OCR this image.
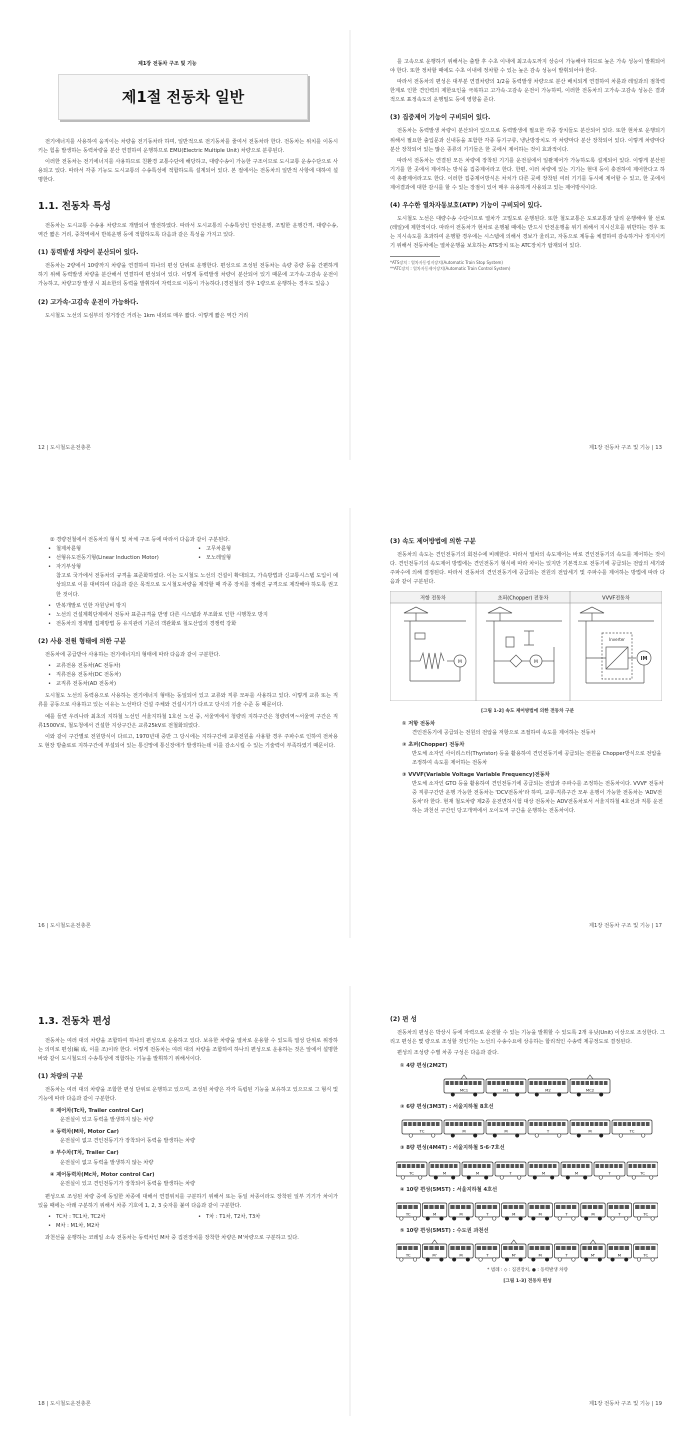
제1장 전동차 구조 및 기능
제1절 전동차 일반

전기에너지를 사용하여 움직이는 차량을 전기동차라 하며, 일반적으로 전기동차를 줄여서 전동차라 한다. 전동차는 위치를 이동시키는 힘을 발생하는 동력차량을 분산 연결하여 운행하므로 EMU(Electric Multiple Unit) 차량으로 분류된다.

이러한 전동차는 전기에너지를 사용하므로 친환경 교통수단에 해당하고, 대량수송이 가능한 구조이므로 도시교통 운송수단으로 사용되고 있다. 따라서 각종 기능도 도시교통의 수송특성에 적합하도록 설계되어 있다. 본 절에서는 전동차의 일반적 사항에 대하여 설명한다.

1.1. 전동차 특성

전동차는 도시교통 수송용 차량으로 개발되어 발전하였다. 따라서 도시교통의 수송특성인 안전운행, 조밀한 운행간격, 대량수송, 역간 짧은 거리, 중착역에서 반복운행 등에 적합하도록 다음과 같은 특성을 가지고 있다.

(1) 동력발생 차량이 분산되어 있다.

전동차는 2량에서 10량까지 차량을 연결하여 하나의 편성 단위로 운행한다. 편성으로 조성된 전동차는 속량 증량 등을 간편하게 하기 위해 동력발생 차량을 분산해서 연결하여 편성되어 있다. 이렇게 동력발생 차량이 분산되어 있기 때문에 고가속·고감속 운전이 가능하고, 차량고장 발생 시 최소한의 동력을 발휘하여 자력으로 이동이 가능하다.(경전철의 경우 1량으로 운행하는 경우도 있음.)

(2) 고가속·고감속 운전이 가능하다.

도시철도 노선의 도심부의 정거장간 거리는 1km 내외로 매우 짧다. 이렇게 짧은 역간 거리

를 고속으로 운행하기 위해서는 출발 후 수초 이내에 최고속도까지 상승이 가능해야 하므로 높은 가속 성능이 발휘되어야 한다. 또한 정차할 때에도 수초 이내에 정차할 수 있는 높은 감속 성능이 발휘되어야 한다.

따라서 전동차의 편성은 대부분 연결차량의 1/2을 동력발생 차량으로 분산 배치되게 연결하여 차륜과 레일과의 점착력 한계로 인한 견인력의 제한요인을 극복하고 고가속·고감속 운전이 가능하며, 이러한 전동차의 고가속·고감속 성능은 결과적으로 표정속도의 운행밀도 등에 영향을 준다.

(3) 집중제어 기능이 구비되어 있다.

전동차는 동력발생 차량이 분산되어 있으므로 동력발생에 필요한 각종 장치들도 분산되어 있다. 또한 현차로 운행되기 위해서 필요한 출입문과 신내등을 포함한 각종 등기구류, 냉난방장치도 각 차량마다 분산 장착되어 있다. 이렇게 차량마다 분산 장착되어 있는 많은 종류의 기기들은 한 곳에서 제어하는 것이 효과적이다.

따라서 전동차는 연결된 모든 차량에 장착된 기기를 운전실에서 일괄제어가 가능하도록 설계되어 있다. 이렇게 분산된 기기를 한 곳에서 제어하는 방식을 집중제어라고 한다. 한편, 이러 차량에 있는 기기는 현대 등이 충전하여 제어한다고 하여 총괄제어라고도 한다. 이러한 집중제어방식은 차치가 다른 곳에 장착된 여러 기기를 동시에 제어할 수 있고, 한 곳에서 제어결과에 대한 감시를 할 수 있는 장점이 있어 매우 유용하게 사용되고 있는 제어방식이다.

(4) 우수한 열차자동보호(ATP) 기능이 구비되어 있다.

도시철도 노선은 대량수송 수단이므로 열차가 고밀도로 운행된다. 또한 철도교통은 도로교통과 달리 운행해야 할 선로(레일)에 제한적이다. 따라서 전동차가 현차로 운행될 때에는 반드시 안전운행을 위기 위해서 지시신호를 위반하는 경우 또는 지시속도를 초과하여 운행할 경우에는 시스템에 의해서 경보가 울리고, 자동으로 제동을 체결하여 감속하거나 정지시키기 위해서 전동차에는 열차운행을 보호하는 ATS장치 또는 ATC장치가 탑재되어 있다.

*ATS장치 : 열차자동정지장치(Automatic Train Stop System)
**ATC장치 : 열차자동제어장치(Automatic Train Control System)
12 | 도시철도운전총론	제1장 전동차 구조 및 기능 | 13
② 경량전철에서 전동차의 형식 및 차체 구조 등에 따라서 다음과 같이 구분된다.
• 철제차륜형
• 선형유도전동기형(Linear Induction Motor)
• 자기부상형
• 고무차륜형
• 모노레일형

참고로 국가에서 전동차의 규격을 표준화하였다. 이는 도시철도 노선의 건설이 확대되고, 가속방법과 신교통시스템 도입이 예상되므로 이를 대비하여 다음과 같은 목적으로 도시철도차량을 제작할 때 각종 장치를 정해진 규격으로 제작해야 하도록 권고한 것이다.

• 반복개발로 인한 자원낭비 방지
• 노선의 건설계획단계에서 전동차 표준규격을 반영 다른 시스템과 부조화로 인한 시행착오 방지
• 전동차의 정제별 집재방법 등 유지관리 기준의 객관화로 철도산업의 경쟁력 강화
(2) 사용 전원 형태에 의한 구분

전동차에 공급받아 사용하는 전기에너지의 형태에 따라 다음과 같이 구분한다.

• 교류전용 전동차(AC 전동차)
• 직류전용 전동차(DC 전동차)
• 교직류 전동차(AD 전동차)

도시철도 노선의 동력용으로 사용하는 전기에너지 형태는 동일되어 있고 교류와 직류 모두를 사용하고 있다. 이렇게 교류 또는 직류를 공동으로 사용하고 있는 이유는 노선마다 건설 주체와 건설시기가 다르고 당시의 기술 수준 등 때문이다.

예를 들면 우리나라 최초의 지하철 노선인 서울지하철 1호선 노선 중, 서울역에서 청량리 지하구간은 청량리역~서울역 구간은 직류1500V로, 철도청에서 건설한 지상구간은 교류25kV로 전철화되었다.

이와 같이 구간별로 전원방식이 다르고, 1970년대 중반 그 당시에는 지하구간에 교류전원을 사용할 경우 주파수로 인하여 전차용도 현장 방출로로 지하구간에 부설되어 있는 통신망에 통신장애가 발생하는데 이를 감소시킬 수 있는 기술력이 부족하였기 때문이다.

(3) 속도 제어방법에 의한 구분

전동차의 속도는 견인전동기의 회전수에 비례한다. 따라서 열차의 속도제어는 바로 견인전동기의 속도를 제어하는 것이다. 견인전동기의 속도제어 방법에는 견인전동기 형식에 따라 차이는 있지만 기본적으로 전동기에 공급되는 전압의 세기와 주파수에 의해 결정된다. 따라서 전동차의 견인전동기에 공급되는 전원의 전압세기 및 주파수를 제어하는 방법에 따라 다음과 같이 구분된다.

저항 전동차	초퍼(Chopper) 전동차	VVVF전동차
M	M
Inverter
IM
[그림 1-2] 속도 제어방법에 의한 전동차 구분
① 저항 전동차
견인전동기에 공급되는 전원의 전압을 저항으로 조절하여 속도를 제어하는 전동차
② 초퍼(Chopper) 전동차
반도체 소자인 사이리스터(Thyristor) 등을 활용하여 견인전동기에 공급되는 전원을 Chopper방식으로 전압을 조정하여 속도를 제어하는 전동차
③ VVVF(Variable Voltage Variable Frequency)전동차
반도체 소자인 GTO 등을 활용하여 견인전동기에 공급되는 전압과 주파수를 조정하는 전동차이다. VVVF 전동차 중 직류구간만 운행 가능한 전동차는 'DCV전동차'라 하며, 교류·직류구간 모두 운행이 가능한 전동차는 'ADV전동차'라 한다. 현재 철도차량 제2종 운전면허시험 대상 전동차는 ADV전동차로서 서울지하철 4호선과 직통 운전하는 과천선 구간인 당고개역에서 오이도역 구간을 운행하는 전동차이다.
16 | 도시철도운전총론	제1장 전동차 구조 및 기능 | 17
1.3. 전동차 편성

전동차는 여러 대의 차량을 조합하여 하나의 편성으로 운용하고 있다. 보유한 차량을 열차로 운용할 수 있도록 열성 단위로 위장하는 의미로 편성(編 成, 이를 조)이라 한다. 이렇게 전동차는 여러 대의 차량을 조합하여 하나의 편성으로 운용하는 것은 앞에서 설명한 바와 같이 도시철도의 수송특성에 적합하는 기능을 발휘하기 위해서이다.

(1) 차량의 구분

전동차는 여러 대의 차량을 조합한 편성 단위로 운행하고 있으며, 조성된 차량은 각각 독립된 기능을 보유하고 있으므로 그 형식 및 기능에 따라 다음과 같이 구분한다.

① 제어차(Tc차, Trailer control Car)
운전실이 있고 동력을 발생하지 않는 차량
② 동력차(M차, Motor Car)
운전실이 없고 견인전동기가 장착되어 동력을 발생하는 차량
③ 부수차(T차, Trailer Car)
운전실이 없고 동력을 발생하지 않는 차량
④ 제어동력차(Mc차, Motor control Car)
운전실이 있고 견인전동기가 장착되어 동력을 발생하는 차량

편성으로 조성된 차량 중에 동일한 차종에 대해서 연결위치를 구분하기 위해서 또는 동일 차종이라도 장착된 일부 기기가 차이가 있을 때에는 아래 구분하기 위해서 차종 기호에 1, 2, 3 숫자를 붙여 다음과 같이 구분한다.

• TC차 : TC1차, TC2차
• M차 : M1차, M2차
• T차 : T1차, T2차, T3차

과천선을 운행하는 코레일 소속 전동차는 동력차인 M차 중 집전장치를 장착한 차량은 M'차량으로 구분하고 있다.

(2) 편 성

전동차의 편성은 박상시 등에 자력으로 운전할 수 있는 기능을 발휘할 수 있도록 2개 유닛(Unit) 이상으로 조성한다. 그리고 편성은 몇 량으로 조성할 것인가는 노선의 수송수요에 상응하는 합리적인 수송력 제공정도로 결정된다.

편성의 조성량 수별 차종 구성은 다음과 같다.

① 4량 편성(2M2T)
MC1	M1	M2	MC2
② 6량 편성(3M3T) : 서울지하철 8호선
TC	M	M	T	M	TC
③ 8량 편성(4M4T) : 서울지하철 5·6·7호선
TC	M	M	T	M	M	T	TC
④ 10량 편성(5M5T) : 서울지하철 4호선
TC	M	M	T	M	M	T	M	T	TC
⑤ 10량 편성(5M5T) : 수도권 과천선
TC	M'	M	T	M'	M	T	M'	M	TC
* 범례 : ◇ : 집전장치, ● : 동력발생 차량
[그림 1-3] 전동차 편성
18 | 도시철도운전총론	제1장 전동차 구조 및 기능 | 19
